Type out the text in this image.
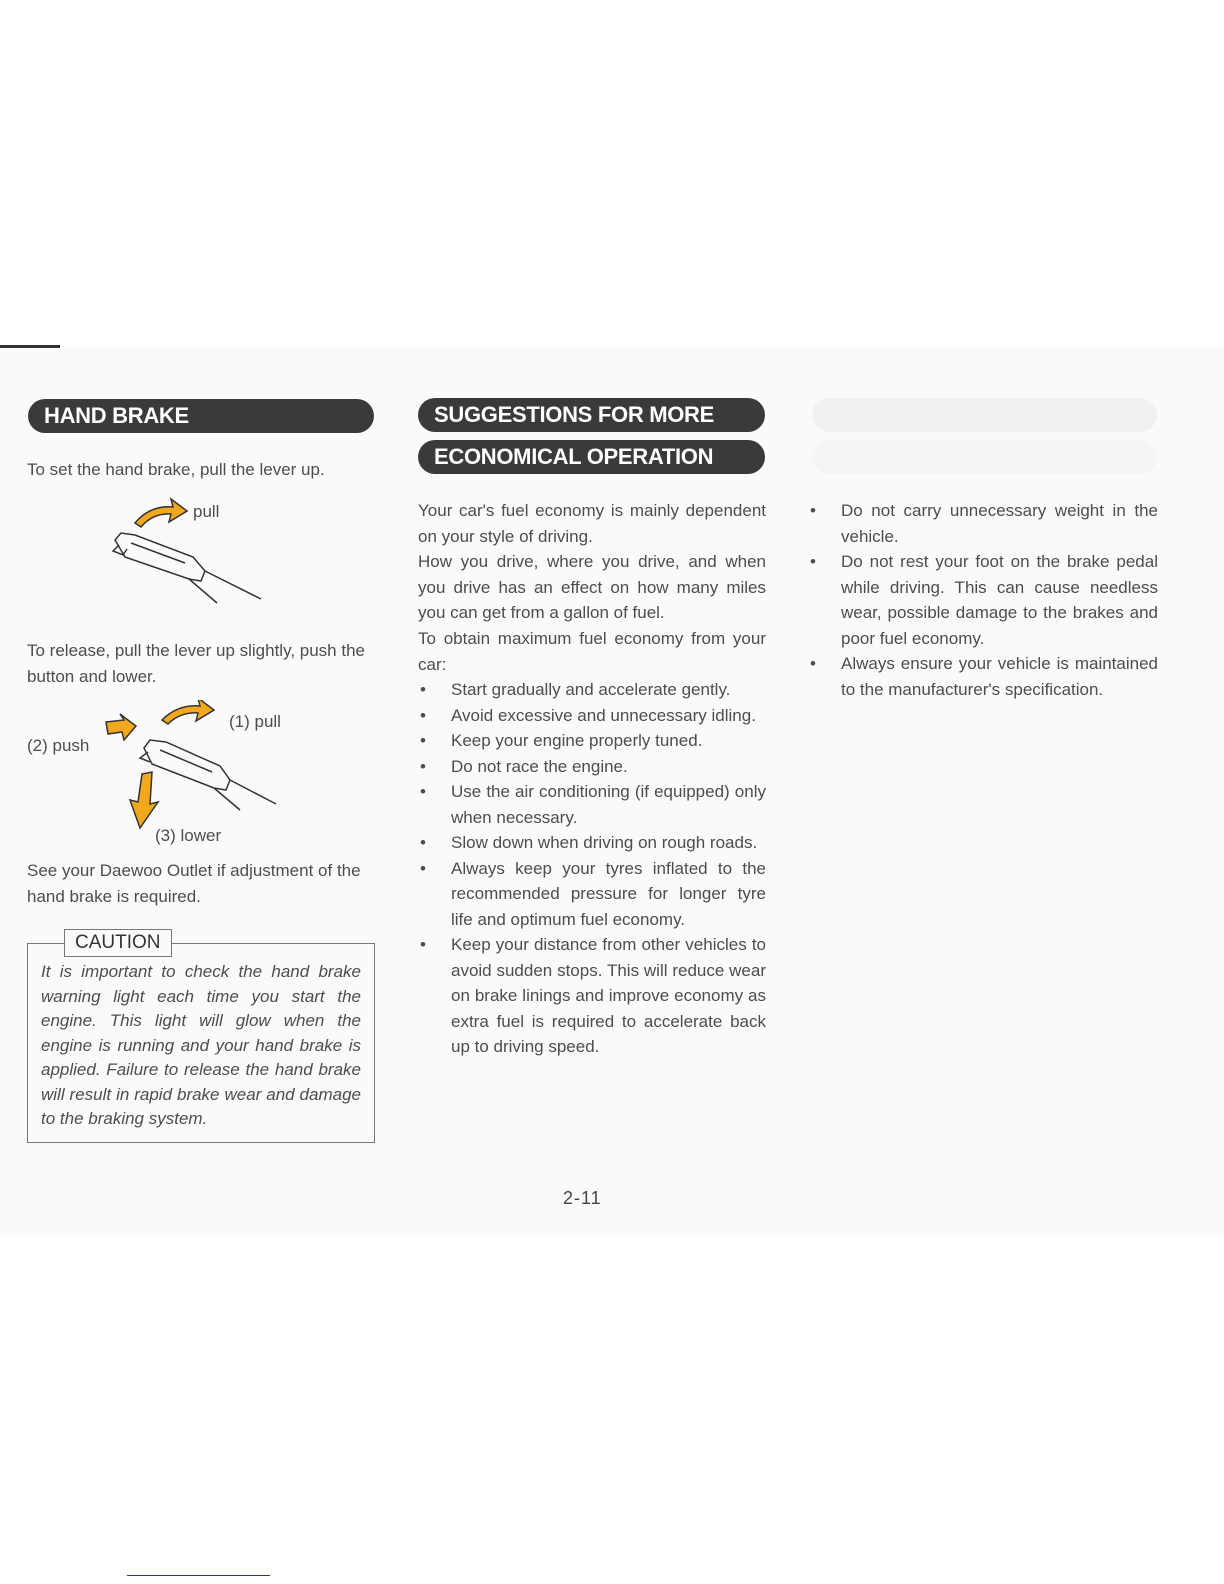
HAND BRAKE

To set the hand brake, pull the lever up.

pull

To release, pull the lever up slightly, push the button and lower.

(1) pull
(2) push
(3) lower

See your Daewoo Outlet if adjustment of the hand brake is required.

CAUTION
It is important to check the hand brake warning light each time you start the engine. This light will glow when the engine is running and your hand brake is applied. Failure to release the hand brake will result in rapid brake wear and damage to the braking system.
SUGGESTIONS FOR MORE
ECONOMICAL OPERATION

Your car's fuel economy is mainly dependent on your style of driving.

How you drive, where you drive, and when you drive has an effect on how many miles you can get from a gallon of fuel.

To obtain maximum fuel economy from your car:

• Start gradually and accelerate gently.
• Avoid excessive and unnecessary idling.
• Keep your engine properly tuned.
• Do not race the engine.
• Use the air conditioning (if equipped) only when necessary.
• Slow down when driving on rough roads.
• Always keep your tyres inflated to the recommended pressure for longer tyre life and optimum fuel economy.
• Keep your distance from other vehicles to avoid sudden stops. This will reduce wear on brake linings and improve economy as extra fuel is required to accelerate back up to driving speed.
• Do not carry unnecessary weight in the vehicle.
• Do not rest your foot on the brake pedal while driving. This can cause needless wear, possible damage to the brakes and poor fuel economy.
• Always ensure your vehicle is maintained to the manufacturer's specification.
2-11
